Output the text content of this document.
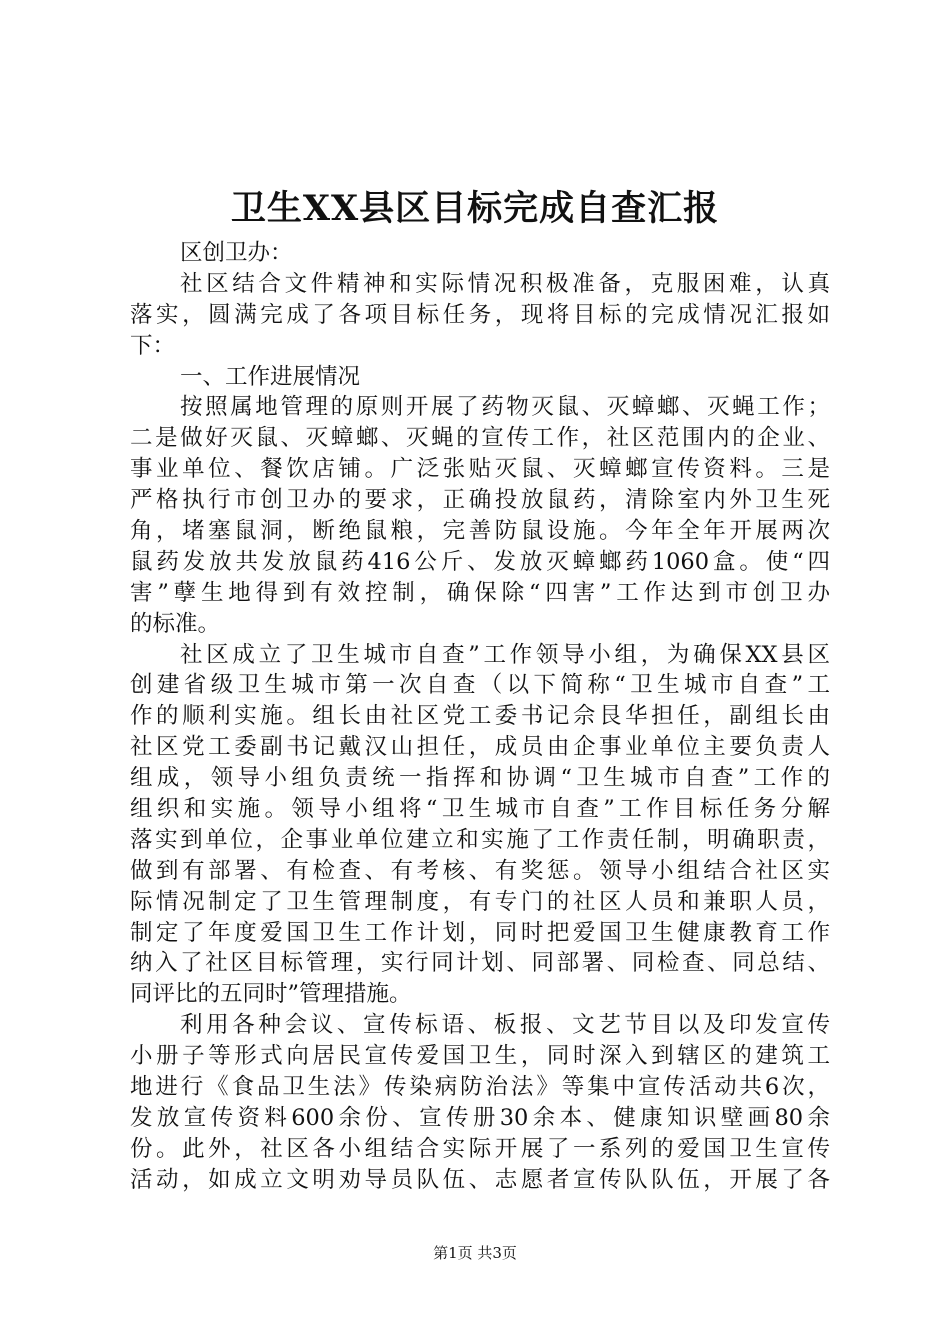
卫生XX县区目标完成自查汇报
区创卫办：
社区结合文件精神和实际情况积极准备，克服困难，认真
落实，圆满完成了各项目标任务，现将目标的完成情况汇报如
下：
一、工作进展情况
按照属地管理的原则开展了药物灭鼠、灭蟑螂、灭蝇工作；
二是做好灭鼠、灭蟑螂、灭蝇的宣传工作，社区范围内的企业、
事业单位、餐饮店铺。广泛张贴灭鼠、灭蟑螂宣传资料。三是
严格执行市创卫办的要求，正确投放鼠药，清除室内外卫生死
角，堵塞鼠洞，断绝鼠粮，完善防鼠设施。今年全年开展两次
鼠药发放共发放鼠药416公斤、发放灭蟑螂药1060盒。使“四
害”孽生地得到有效控制，确保除“四害”工作达到市创卫办
的标准。
社区成立了卫生城市自查”工作领导小组，为确保XX县区
创建省级卫生城市第一次自查（以下简称“卫生城市自查”工
作的顺利实施。组长由社区党工委书记佘艮华担任，副组长由
社区党工委副书记戴汉山担任，成员由企事业单位主要负责人
组成，领导小组负责统一指挥和协调“卫生城市自查”工作的
组织和实施。领导小组将“卫生城市自查”工作目标任务分解
落实到单位，企事业单位建立和实施了工作责任制，明确职责，
做到有部署、有检查、有考核、有奖惩。领导小组结合社区实
际情况制定了卫生管理制度，有专门的社区人员和兼职人员，
制定了年度爱国卫生工作计划，同时把爱国卫生健康教育工作
纳入了社区目标管理，实行同计划、同部署、同检查、同总结、
同评比的五同时”管理措施。
利用各种会议、宣传标语、板报、文艺节目以及印发宣传
小册子等形式向居民宣传爱国卫生，同时深入到辖区的建筑工
地进行《食品卫生法》传染病防治法》等集中宣传活动共6次，
发放宣传资料600余份、宣传册30余本、健康知识壁画80余
份。此外，社区各小组结合实际开展了一系列的爱国卫生宣传
活动，如成立文明劝导员队伍、志愿者宣传队队伍，开展了各
第1页 共3页
